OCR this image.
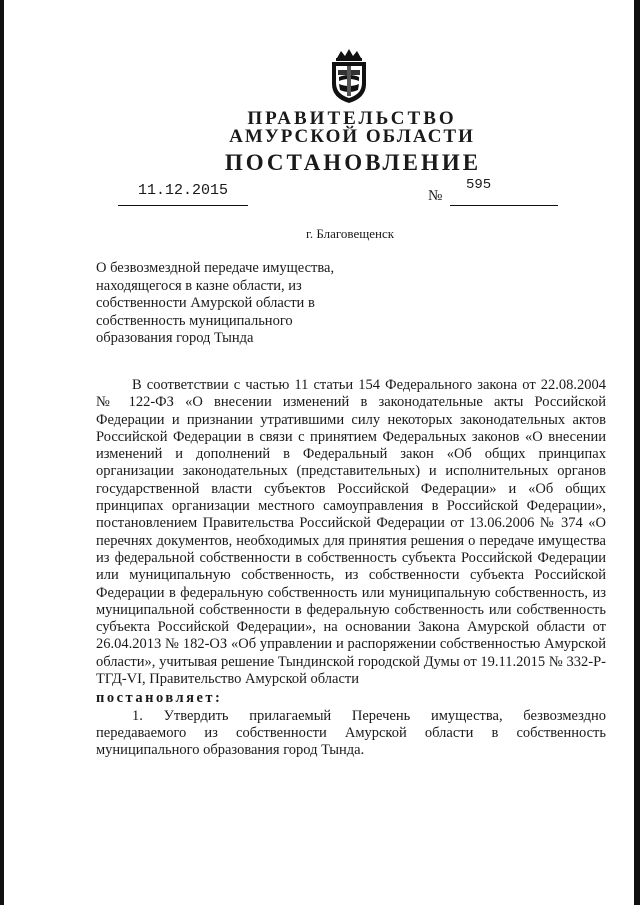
ПРАВИТЕЛЬСТВО
АМУРСКОЙ ОБЛАСТИ
ПОСТАНОВЛЕНИЕ
11.12.2015	№
595
г. Благовещенск
О безвозмездной передаче имущества,
находящегося в казне области, из
собственности Амурской области в
собственность муниципального
образования город Тында

В соответствии с частью 11 статьи 154 Федерального закона от 22.08.2004 № 122-ФЗ «О внесении изменений в законодательные акты Российской Федерации и признании утратившими силу некоторых законодательных актов Российской Федерации в связи с принятием Федеральных законов «О внесении изменений и дополнений в Федеральный закон «Об общих принципах организации законодательных (представительных) и исполнительных органов государственной власти субъектов Российской Федерации» и «Об общих принципах организации местного самоуправления в Российской Федерации», постановлением Правительства Российской Федерации от 13.06.2006 № 374 «О перечнях документов, необходимых для принятия решения о передаче имущества из федеральной собственности в собственность субъекта Российской Федерации или муниципальную собственность, из собственности субъекта Российской Федерации в федеральную собственность или муниципальную собственность, из муниципальной собственности в федеральную собственность или собственность субъекта Российской Федерации», на основании Закона Амурской области от 26.04.2013 № 182-ОЗ «Об управлении и распоряжении собственностью Амурской области», учитывая решение Тындинской городской Думы от 19.11.2015 № 332-Р-ТГД-VI, Правительство Амурской области

постановляет:

1. Утвердить прилагаемый Перечень имущества, безвозмездно передаваемого из собственности Амурской области в собственность муниципального образования город Тында.
